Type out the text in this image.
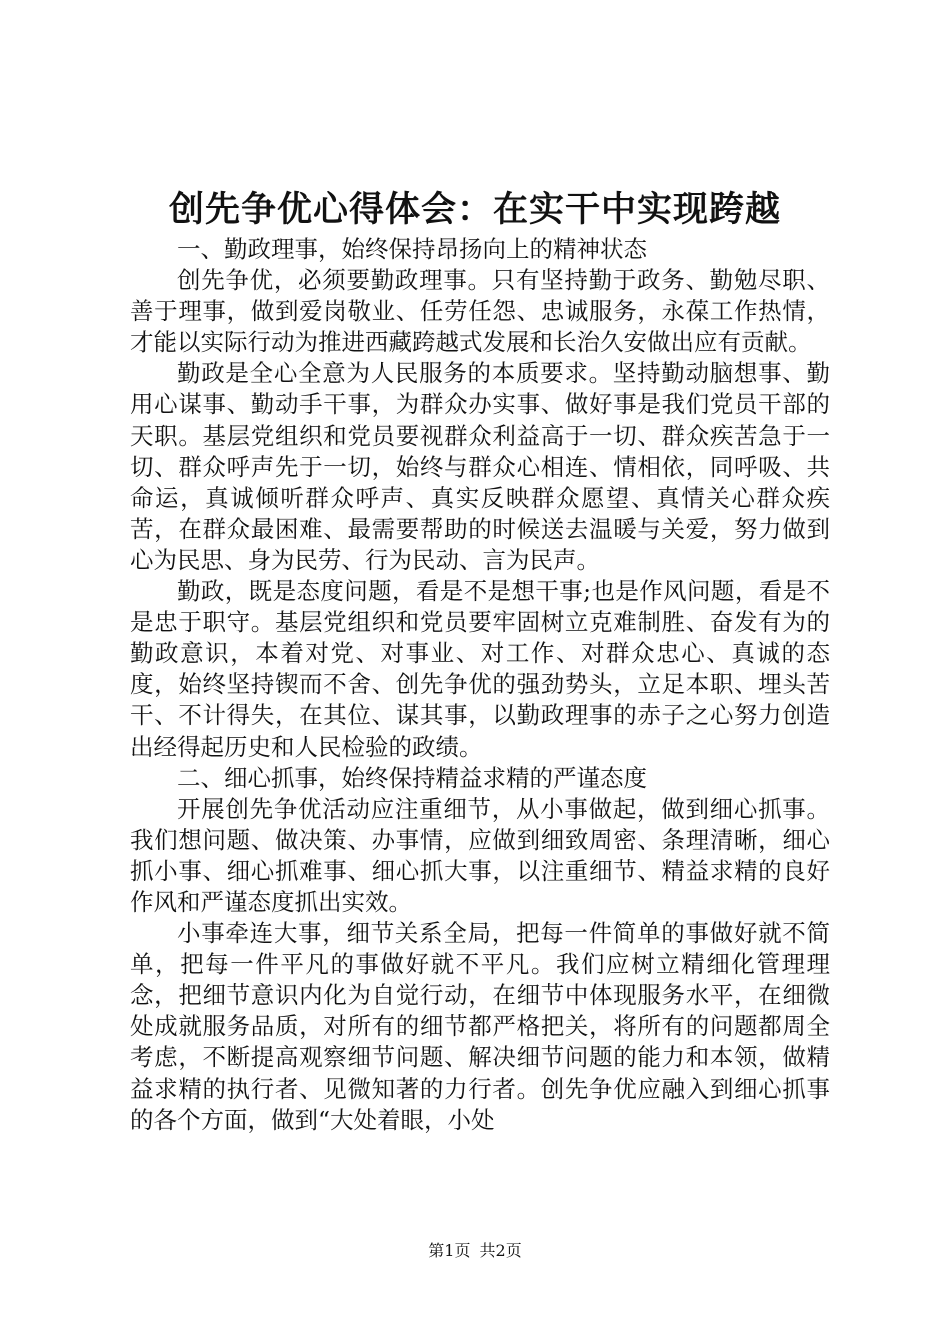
创先争优心得体会：在实干中实现跨越

一、勤政理事，始终保持昂扬向上的精神状态

创先争优，必须要勤政理事。只有坚持勤于政务、勤勉尽职、善于理事，做到爱岗敬业、任劳任怨、忠诚服务，永葆工作热情，才能以实际行动为推进西藏跨越式发展和长治久安做出应有贡献。

勤政是全心全意为人民服务的本质要求。坚持勤动脑想事、勤用心谋事、勤动手干事，为群众办实事、做好事是我们党员干部的天职。基层党组织和党员要视群众利益高于一切、群众疾苦急于一切、群众呼声先于一切，始终与群众心相连、情相依，同呼吸、共命运，真诚倾听群众呼声、真实反映群众愿望、真情关心群众疾苦，在群众最困难、最需要帮助的时候送去温暖与关爱，努力做到心为民思、身为民劳、行为民动、言为民声。

勤政，既是态度问题，看是不是想干事;也是作风问题，看是不是忠于职守。基层党组织和党员要牢固树立克难制胜、奋发有为的勤政意识，本着对党、对事业、对工作、对群众忠心、真诚的态度，始终坚持锲而不舍、创先争优的强劲势头，立足本职、埋头苦干、不计得失，在其位、谋其事，以勤政理事的赤子之心努力创造出经得起历史和人民检验的政绩。

二、细心抓事，始终保持精益求精的严谨态度

开展创先争优活动应注重细节，从小事做起，做到细心抓事。我们想问题、做决策、办事情，应做到细致周密、条理清晰，细心抓小事、细心抓难事、细心抓大事，以注重细节、精益求精的良好作风和严谨态度抓出实效。

小事牵连大事，细节关系全局，把每一件简单的事做好就不简单，把每一件平凡的事做好就不平凡。我们应树立精细化管理理念，把细节意识内化为自觉行动，在细节中体现服务水平，在细微处成就服务品质，对所有的细节都严格把关，将所有的问题都周全考虑，不断提高观察细节问题、解决细节问题的能力和本领，做精益求精的执行者、见微知著的力行者。创先争优应融入到细心抓事的各个方面，做到“大处着眼，小处

第1页 共2页
